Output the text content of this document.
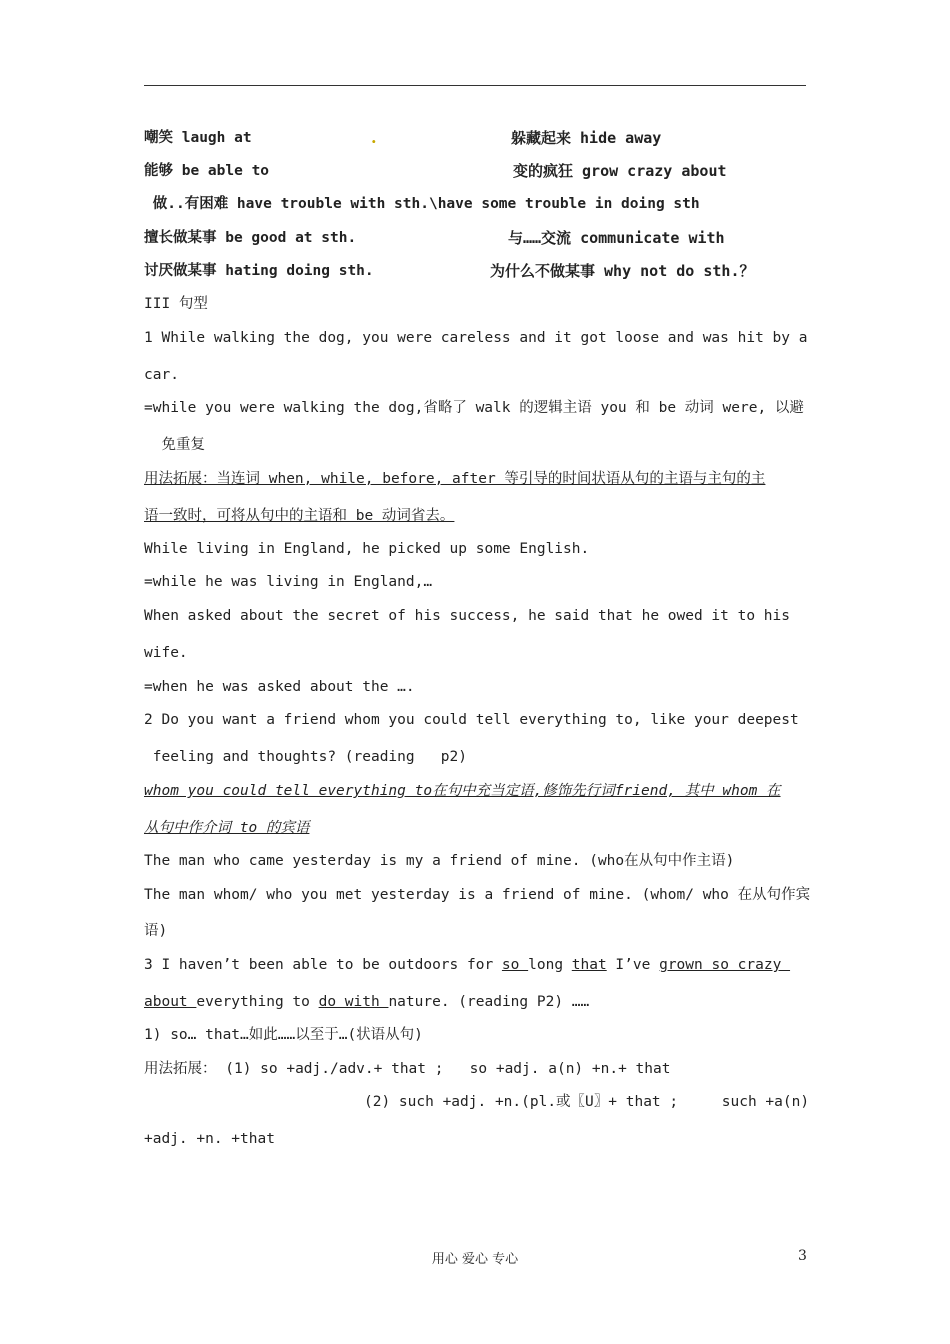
嘲笑 laugh at	.	躲藏起来 hide away
能够 be able to	变的疯狂 grow crazy about
做..有困难 have trouble with sth.\have some trouble in doing sth
擅长做某事 be good at sth.	与……交流 communicate with
讨厌做某事 hating doing sth.	为什么不做某事 why not do sth.？
III 句型
1 While walking the dog, you were careless and it got loose and was hit by a
car.
=while you were walking the dog,省略了 walk 的逻辑主语 you 和 be 动词 were, 以避
免重复
用法拓展：当连词 when, while, before, after 等引导的时间状语从句的主语与主句的主
语一致时，可将从句中的主语和 be 动词省去。
While living in England, he picked up some English.
=while he was living in England,…
When asked about the secret of his success, he said that he owed it to his
wife.
=when he was asked about the ….
2 Do you want a friend whom you could tell everything to, like your deepest
feeling and thoughts? (reading   p2)
whom you could tell everything to在句中充当定语,修饰先行词friend, 其中 whom 在
从句中作介词 to 的宾语
The man who came yesterday is my a friend of mine. (who在从句中作主语)
The man whom/ who you met yesterday is a friend of mine. (whom/ who 在从句作宾
语)
3 I haven’t been able to be outdoors for so long that I’ve grown so crazy
about everything to do with nature. (reading P2) ……
1) so… that…如此……以至于…(状语从句)
用法拓展： (1) so +adj./adv.+ that ;   so +adj. a(n) +n.+ that
(2) such +adj. +n.(pl.或〖U〗+ that ;     such +a(n)
+adj. +n. +that
用心 爱心 专心	3
